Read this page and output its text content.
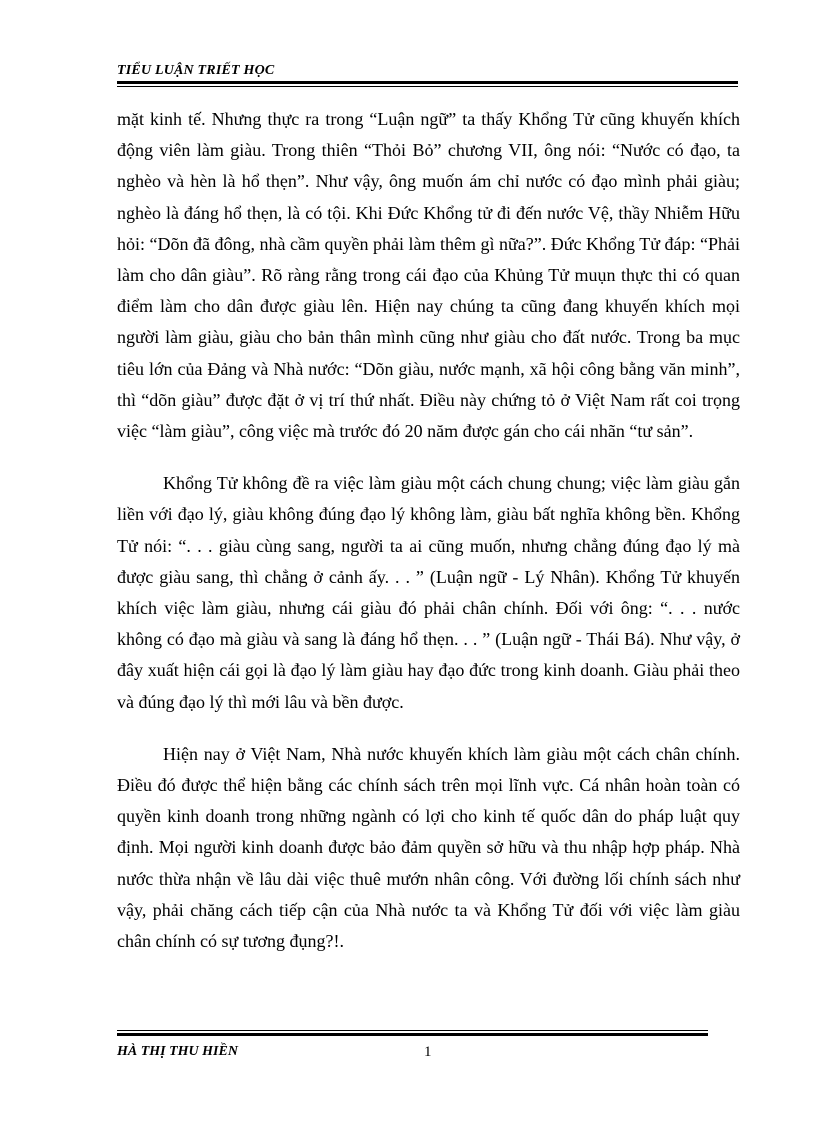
TIỂU LUẬN TRIẾT HỌC

mặt kinh tế. Nhưng thực ra trong “Luận ngữ” ta thấy Khổng Tử cũng khuyến khích động viên làm giàu. Trong thiên “Thỏi Bỏ” chương VII, ông nói: “Nước có đạo, ta nghèo và hèn là hổ thẹn”. Như vậy, ông muốn ám chỉ nước có đạo mình phải giàu; nghèo là đáng hổ thẹn, là có tội. Khi Đức Khổng tử đi đến nước Vệ, thầy Nhiễm Hữu hỏi: “Dõn đã đông, nhà cầm quyền phải làm thêm gì nữa?”. Đức Khổng Tử đáp: “Phải làm cho dân giàu”. Rõ ràng rằng trong cái đạo của Khủng Tử muụn thực thi có quan điểm làm cho dân được giàu lên. Hiện nay chúng ta cũng đang khuyến khích mọi người làm giàu, giàu cho bản thân mình cũng như giàu cho đất nước. Trong ba mục tiêu lớn của Đảng và Nhà nước: “Dõn giàu, nước mạnh, xã hội công bằng văn minh”, thì “dõn giàu” được đặt ở vị trí thứ nhất. Điều này chứng tỏ ở Việt Nam rất coi trọng việc “làm giàu”, công việc mà trước đó 20 năm được gán cho cái nhãn “tư sản”.

Khổng Tử không đề ra việc làm giàu một cách chung chung; việc làm giàu gắn liền với đạo lý, giàu không đúng đạo lý không làm, giàu bất nghĩa không bền. Khổng Tử nói: “. . . giàu cùng sang, người ta ai cũng muốn, nhưng chẳng đúng đạo lý mà được giàu sang, thì chẳng ở cảnh ấy. . . ” (Luận ngữ - Lý Nhân). Khổng Tử khuyến khích việc làm giàu, nhưng cái giàu đó phải chân chính. Đối với ông: “. . . nước không có đạo mà giàu và sang là đáng hổ thẹn. . . ” (Luận ngữ - Thái Bá). Như vậy, ở đây xuất hiện cái gọi là đạo lý làm giàu hay đạo đức trong kinh doanh. Giàu phải theo và đúng đạo lý thì mới lâu và bền được.

Hiện nay ở Việt Nam, Nhà nước khuyến khích làm giàu một cách chân chính. Điều đó được thể hiện bằng các chính sách trên mọi lĩnh vực. Cá nhân hoàn toàn có quyền kinh doanh trong những ngành có lợi cho kinh tế quốc dân do pháp luật quy định. Mọi người kinh doanh được bảo đảm quyền sở hữu và thu nhập hợp pháp. Nhà nước thừa nhận về lâu dài việc thuê mướn nhân công. Với đường lối chính sách như vậy, phải chăng cách tiếp cận của Nhà nước ta và Khổng Tử đối với việc làm giàu chân chính có sự tương đụng?!.

HÀ THỊ THU HIỀN	1
